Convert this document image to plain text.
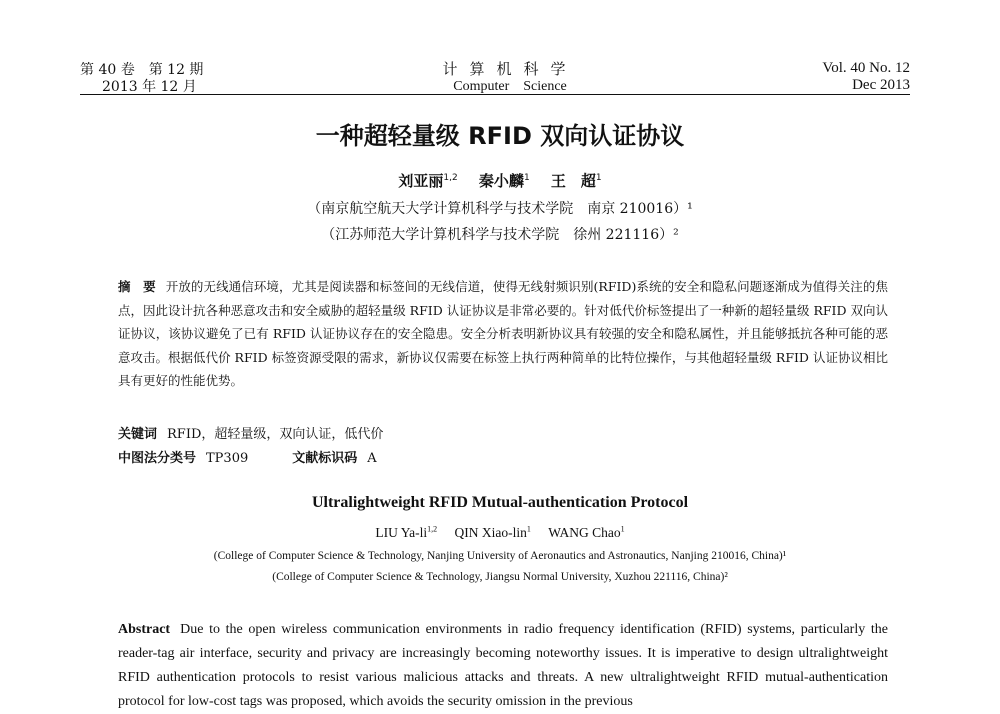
第 40 卷　第 12 期
2013 年 12 月
计算机科学
Computer　Science
Vol. 40 No. 12
Dec 2013
一种超轻量级 RFID 双向认证协议
刘亚丽$^{1,2}$ 秦小麟$^1$ 王　超$^1$
（南京航空航天大学计算机科学与技术学院　南京 210016）¹
（江苏师范大学计算机科学与技术学院　徐州 221116）²
摘　要 开放的无线通信环境，尤其是阅读器和标签间的无线信道，使得无线射频识别(RFID)系统的安全和隐私问题逐渐成为值得关注的焦点，因此设计抗各种恶意攻击和安全威胁的超轻量级 RFID 认证协议是非常必要的。针对低代价标签提出了一种新的超轻量级 RFID 双向认证协议，该协议避免了已有 RFID 认证协议存在的安全隐患。安全分析表明新协议具有较强的安全和隐私属性，并且能够抵抗各种可能的恶意攻击。根据低代价 RFID 标签资源受限的需求，新协议仅需要在标签上执行两种简单的比特位操作，与其他超轻量级 RFID 认证协议相比具有更好的性能优势。
关键词 RFID，超轻量级，双向认证，低代价
中图法分类号 TP309	文献标识码 A
Ultralightweight RFID Mutual-authentication Protocol
LIU Ya-li$^{1,2}$ QIN Xiao-lin$^1$ WANG Chao$^1$
(College of Computer Science & Technology, Nanjing University of Aeronautics and Astronautics, Nanjing 210016, China)¹
(College of Computer Science & Technology, Jiangsu Normal University, Xuzhou 221116, China)²
Abstract Due to the open wireless communication environments in radio frequency identification (RFID) systems, particularly the reader-tag air interface, security and privacy are increasingly becoming noteworthy issues. It is imperative to design ultralightweight RFID authentication protocols to resist various malicious attacks and threats. A new ultralightweight RFID mutual-authentication protocol for low-cost tags was proposed, which avoids the security omission in the previous
